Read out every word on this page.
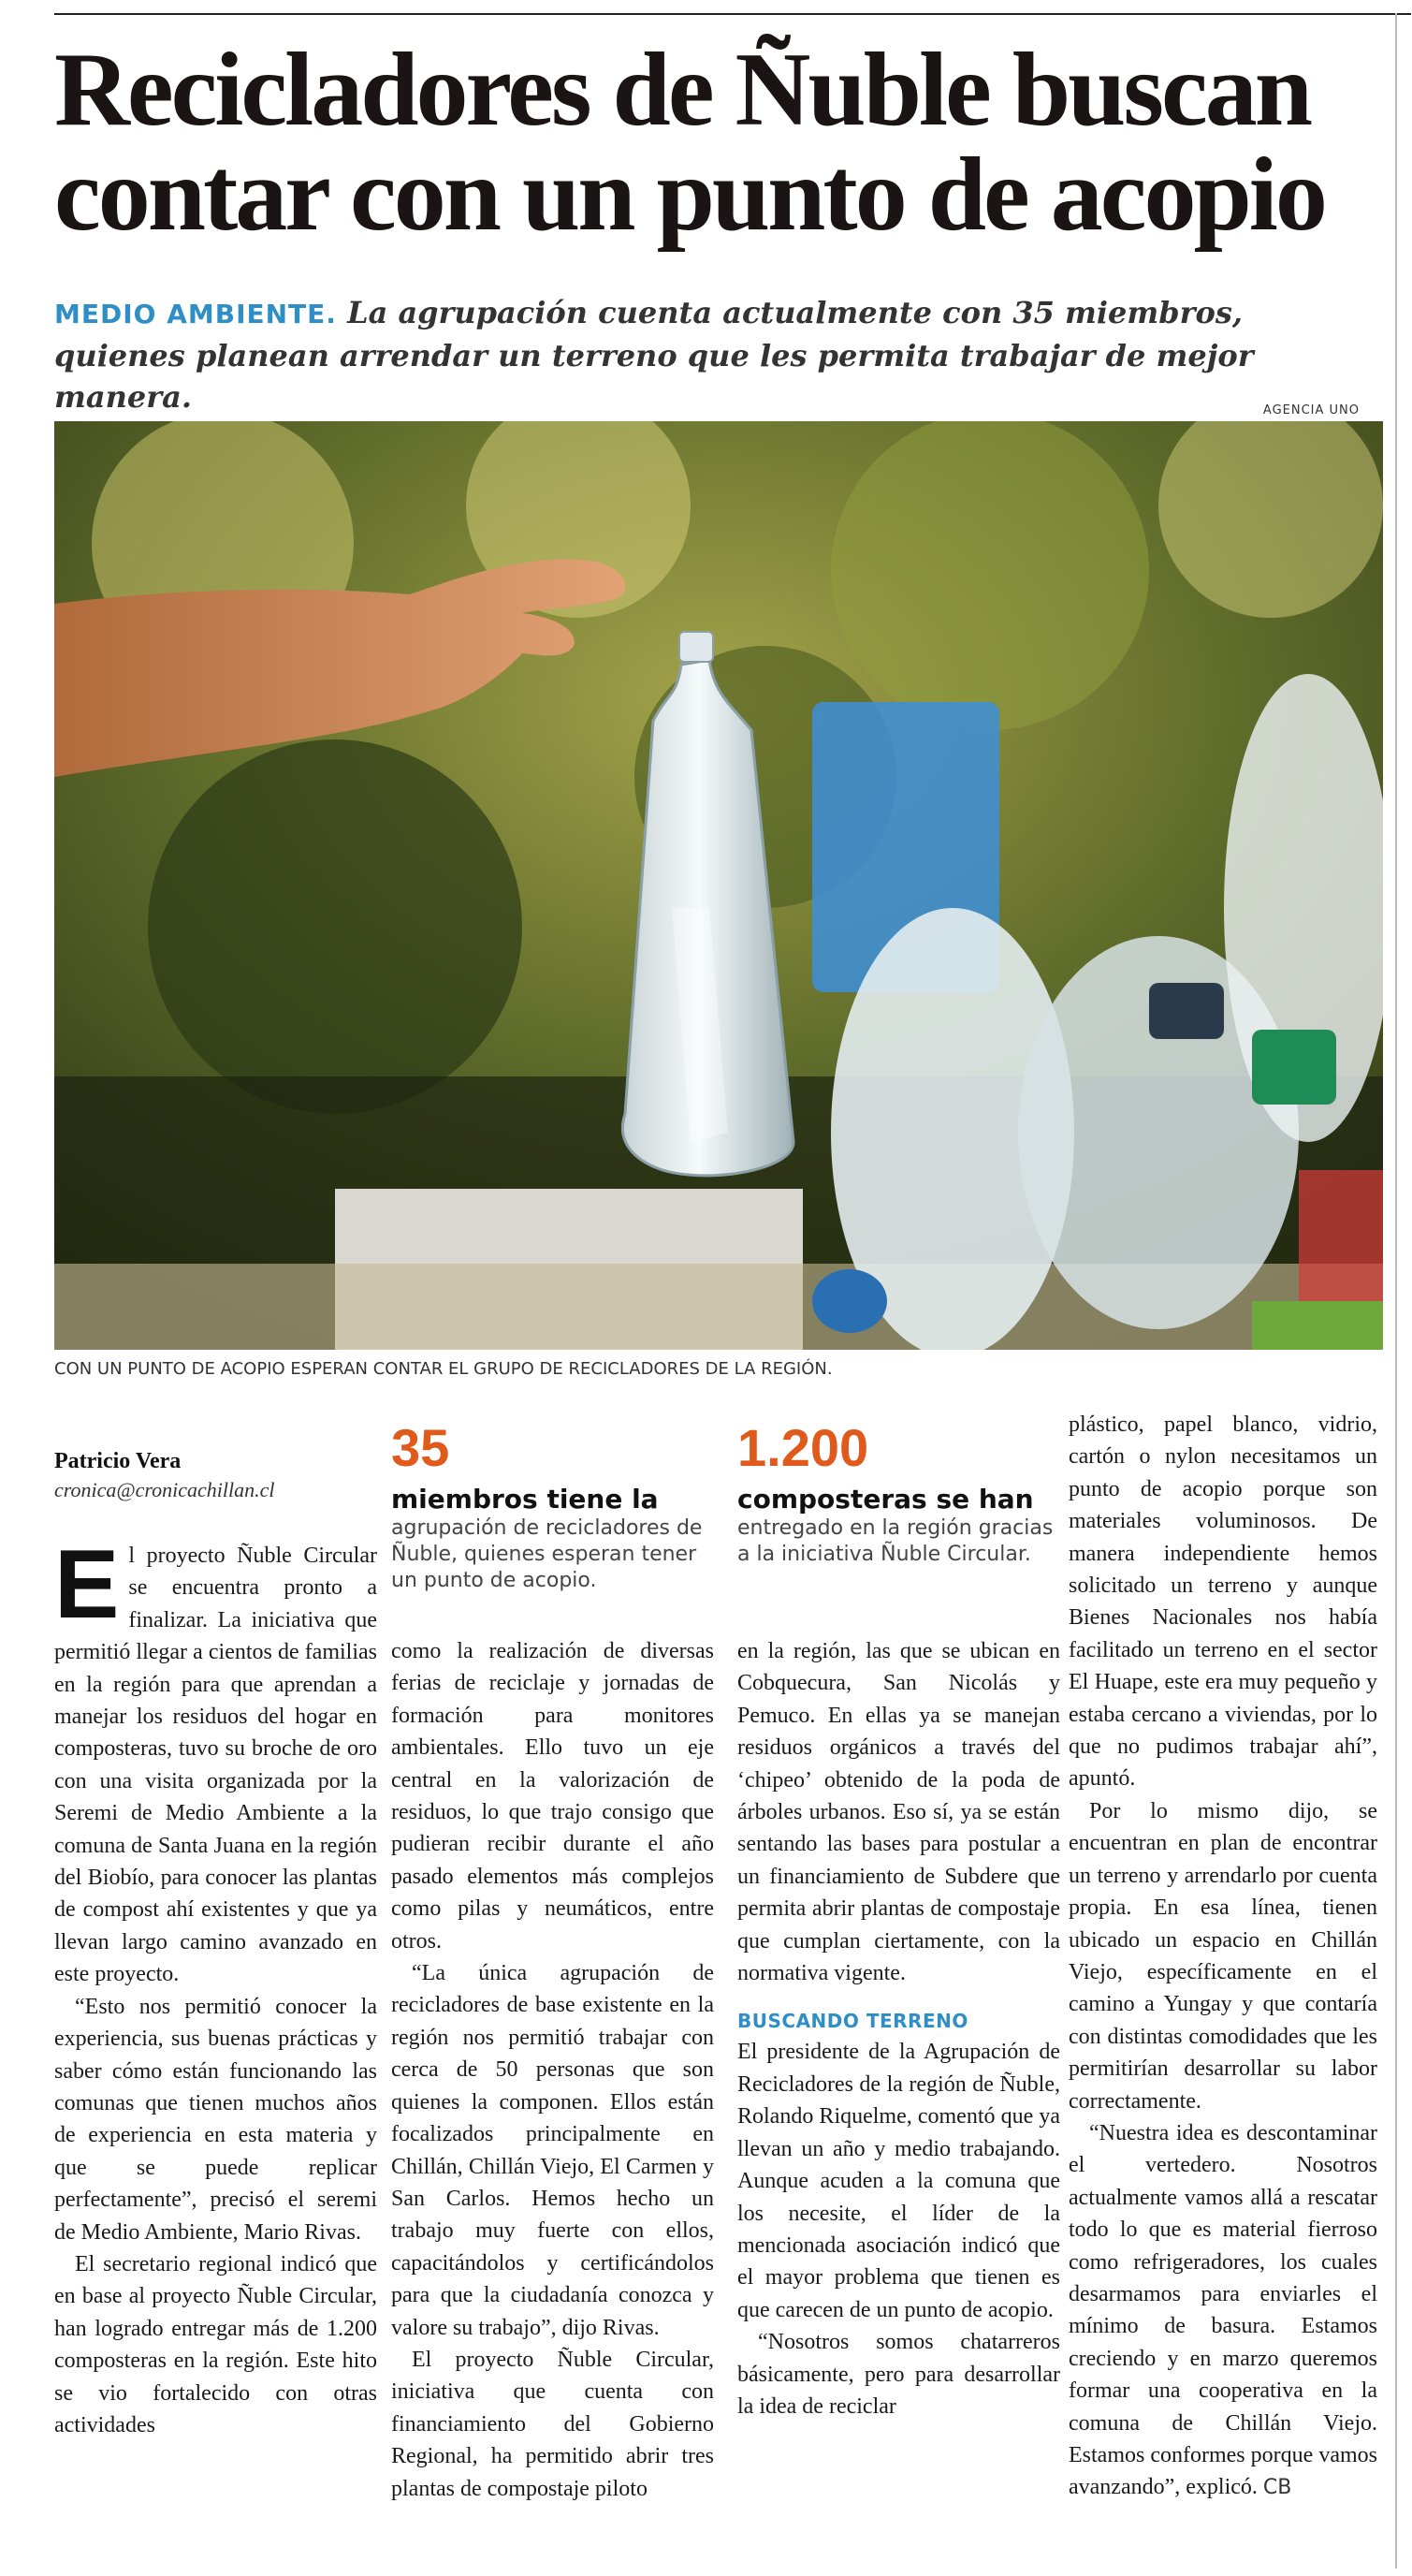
Recicladores de Ñuble buscan contar con un punto de acopio
MEDIO AMBIENTE. La agrupación cuenta actualmente con 35 miembros, quienes planean arrendar un terreno que les permita trabajar de mejor manera.	AGENCIA UNO
CON UN PUNTO DE ACOPIO ESPERAN CONTAR EL GRUPO DE RECICLADORES DE LA REGIÓN.
Patricio Vera
cronica@cronicachillan.cl
E l proyecto Ñuble Circular se encuentra pronto a finalizar. La iniciativa que permitió llegar a cientos de familias en la región para que aprendan a manejar los residuos del hogar en composteras, tuvo su broche de oro con una visita organizada por la Seremi de Medio Ambiente a la comuna de Santa Juana en la región del Biobío, para conocer las plantas de compost ahí existentes y que ya llevan largo camino avanzado en este proyecto.

“Esto nos permitió conocer la experiencia, sus buenas prácticas y saber cómo están funcionando las comunas que tienen muchos años de experiencia en esta materia y que se puede replicar perfectamente”, precisó el seremi de Medio Ambiente, Mario Rivas.

El secretario regional indicó que en base al proyecto Ñuble Circular, han logrado entregar más de 1.200 composteras en la región. Este hito se vio fortalecido con otras actividades

35
miembros tiene la
agrupación de recicladores de Ñuble, quienes esperan tener un punto de acopio.

como la realización de diversas ferias de reciclaje y jornadas de formación para monitores ambientales. Ello tuvo un eje central en la valorización de residuos, lo que trajo consigo que pudieran recibir durante el año pasado elementos más complejos como pilas y neumáticos, entre otros.

“La única agrupación de recicladores de base existente en la región nos permitió trabajar con cerca de 50 personas que son quienes la componen. Ellos están focalizados principalmente en Chillán, Chillán Viejo, El Carmen y San Carlos. Hemos hecho un trabajo muy fuerte con ellos, capacitándolos y certificándolos para que la ciudadanía conozca y valore su trabajo”, dijo Rivas.

El proyecto Ñuble Circular, iniciativa que cuenta con financiamiento del Gobierno Regional, ha permitido abrir tres plantas de compostaje piloto

1.200
composteras se han
entregado en la región gracias a la iniciativa Ñuble Circular.

en la región, las que se ubican en Cobquecura, San Nicolás y Pemuco. En ellas ya se manejan residuos orgánicos a través del ‘chipeo’ obtenido de la poda de árboles urbanos. Eso sí, ya se están sentando las bases para postular a un financiamiento de Subdere que permita abrir plantas de compostaje que cumplan ciertamente, con la normativa vigente.

BUSCANDO TERRENO

El presidente de la Agrupación de Recicladores de la región de Ñuble, Rolando Riquelme, comentó que ya llevan un año y medio trabajando. Aunque acuden a la comuna que los necesite, el líder de la mencionada asociación indicó que el mayor problema que tienen es que carecen de un punto de acopio.

“Nosotros somos chatarreros básicamente, pero para desarrollar la idea de reciclar

plástico, papel blanco, vidrio, cartón o nylon necesitamos un punto de acopio porque son materiales voluminosos. De manera independiente hemos solicitado un terreno y aunque Bienes Nacionales nos había facilitado un terreno en el sector El Huape, este era muy pequeño y estaba cercano a viviendas, por lo que no pudimos trabajar ahí”, apuntó.

Por lo mismo dijo, se encuentran en plan de encontrar un terreno y arrendarlo por cuenta propia. En esa línea, tienen ubicado un espacio en Chillán Viejo, específicamente en el camino a Yungay y que contaría con distintas comodidades que les permitirían desarrollar su labor correctamente.

“Nuestra idea es descontaminar el vertedero. Nosotros actualmente vamos allá a rescatar todo lo que es material fierroso como refrigeradores, los cuales desarmamos para enviarles el mínimo de basura. Estamos creciendo y en marzo queremos formar una cooperativa en la comuna de Chillán Viejo. Estamos conformes porque vamos avanzando”, explicó. CB
